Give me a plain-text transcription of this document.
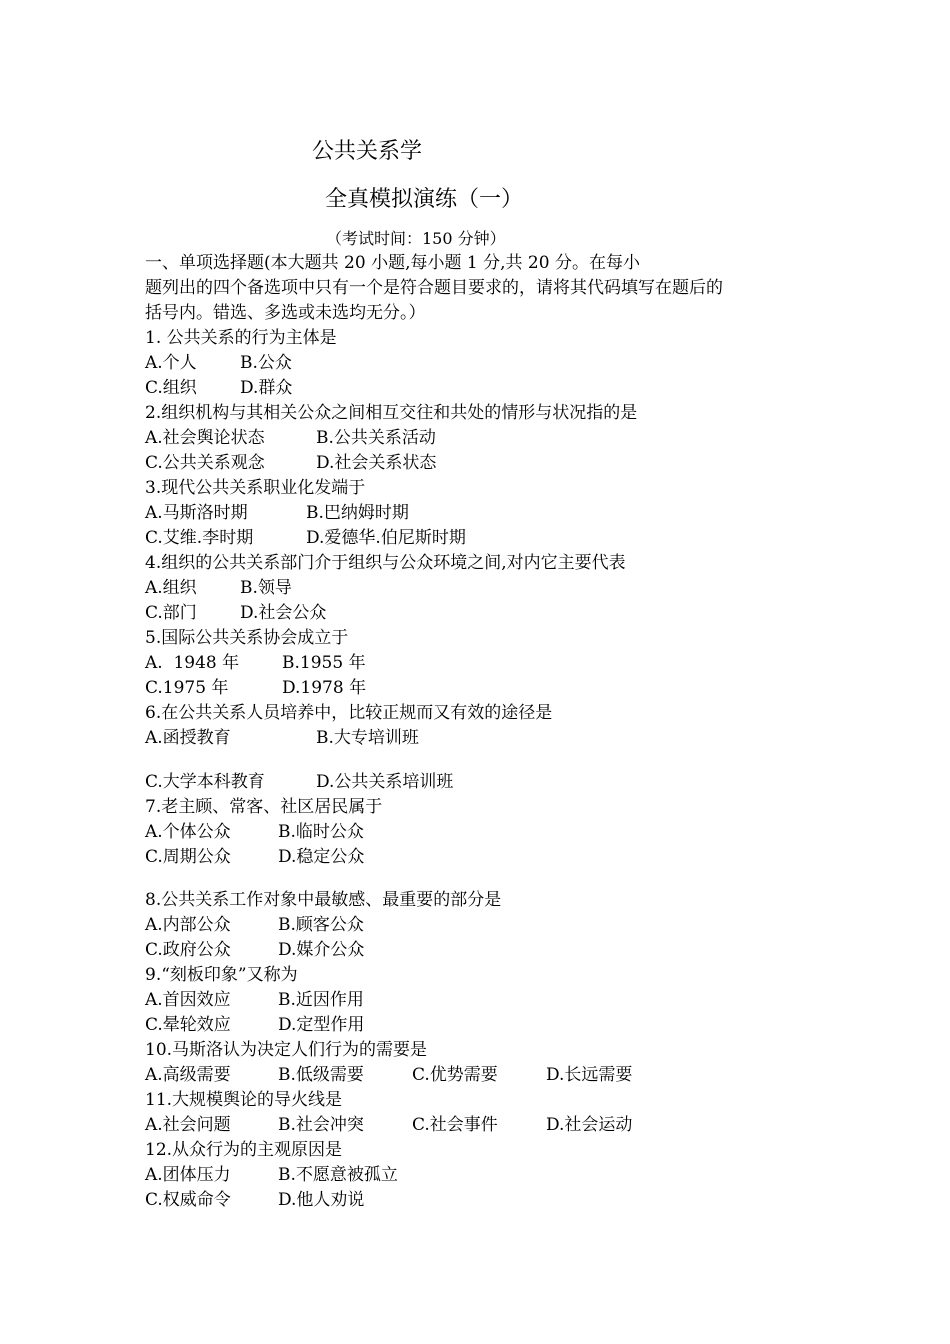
公共关系学
全真模拟演练（一）
（考试时间：150 分钟）
一、单项选择题(本大题共 20 小题,每小题 1 分,共 20 分。在每小
题列出的四个备选项中只有一个是符合题目要求的，请将其代码填写在题后的
括号内。错选、多选或未选均无分。）
1. 公共关系的行为主体是
A.个人	B.公众
C.组织	D.群众
2.组织机构与其相关公众之间相互交往和共处的情形与状况指的是
A.社会舆论状态	B.公共关系活动
C.公共关系观念	D.社会关系状态
3.现代公共关系职业化发端于
A.马斯洛时期	B.巴纳姆时期
C.艾维.李时期	D.爱德华.伯尼斯时期
4.组织的公共关系部门介于组织与公众环境之间,对内它主要代表
A.组织	B.领导
C.部门	D.社会公众
5.国际公共关系协会成立于
A.  1948 年	B.1955 年
C.1975 年	D.1978 年
6.在公共关系人员培养中，比较正规而又有效的途径是
A.函授教育	B.大专培训班
C.大学本科教育	D.公共关系培训班
7.老主顾、常客、社区居民属于
A.个体公众	B.临时公众
C.周期公众	D.稳定公众
8.公共关系工作对象中最敏感、最重要的部分是
A.内部公众	B.顾客公众
C.政府公众	D.媒介公众
9.“刻板印象”又称为
A.首因效应	B.近因作用
C.晕轮效应	D.定型作用
10.马斯洛认为决定人们行为的需要是
A.高级需要	B.低级需要	C.优势需要	D.长远需要
11.大规模舆论的导火线是
A.社会问题	B.社会冲突	C.社会事件	D.社会运动
12.从众行为的主观原因是
A.团体压力	B.不愿意被孤立
C.权威命令	D.他人劝说
